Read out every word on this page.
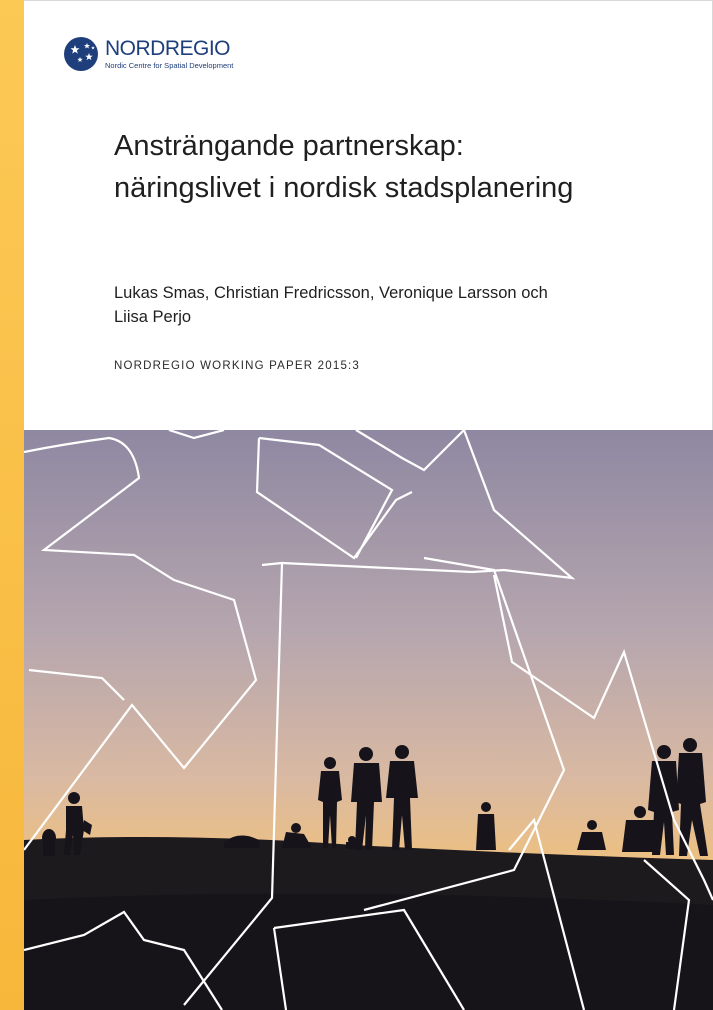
NORDREGIO
Nordic Centre for Spatial Development
Ansträngande partnerskap:
näringslivet i nordisk stadsplanering
Lukas Smas, Christian Fredricsson, Veronique Larsson och
Liisa Perjo
NORDREGIO WORKING PAPER 2015:3
